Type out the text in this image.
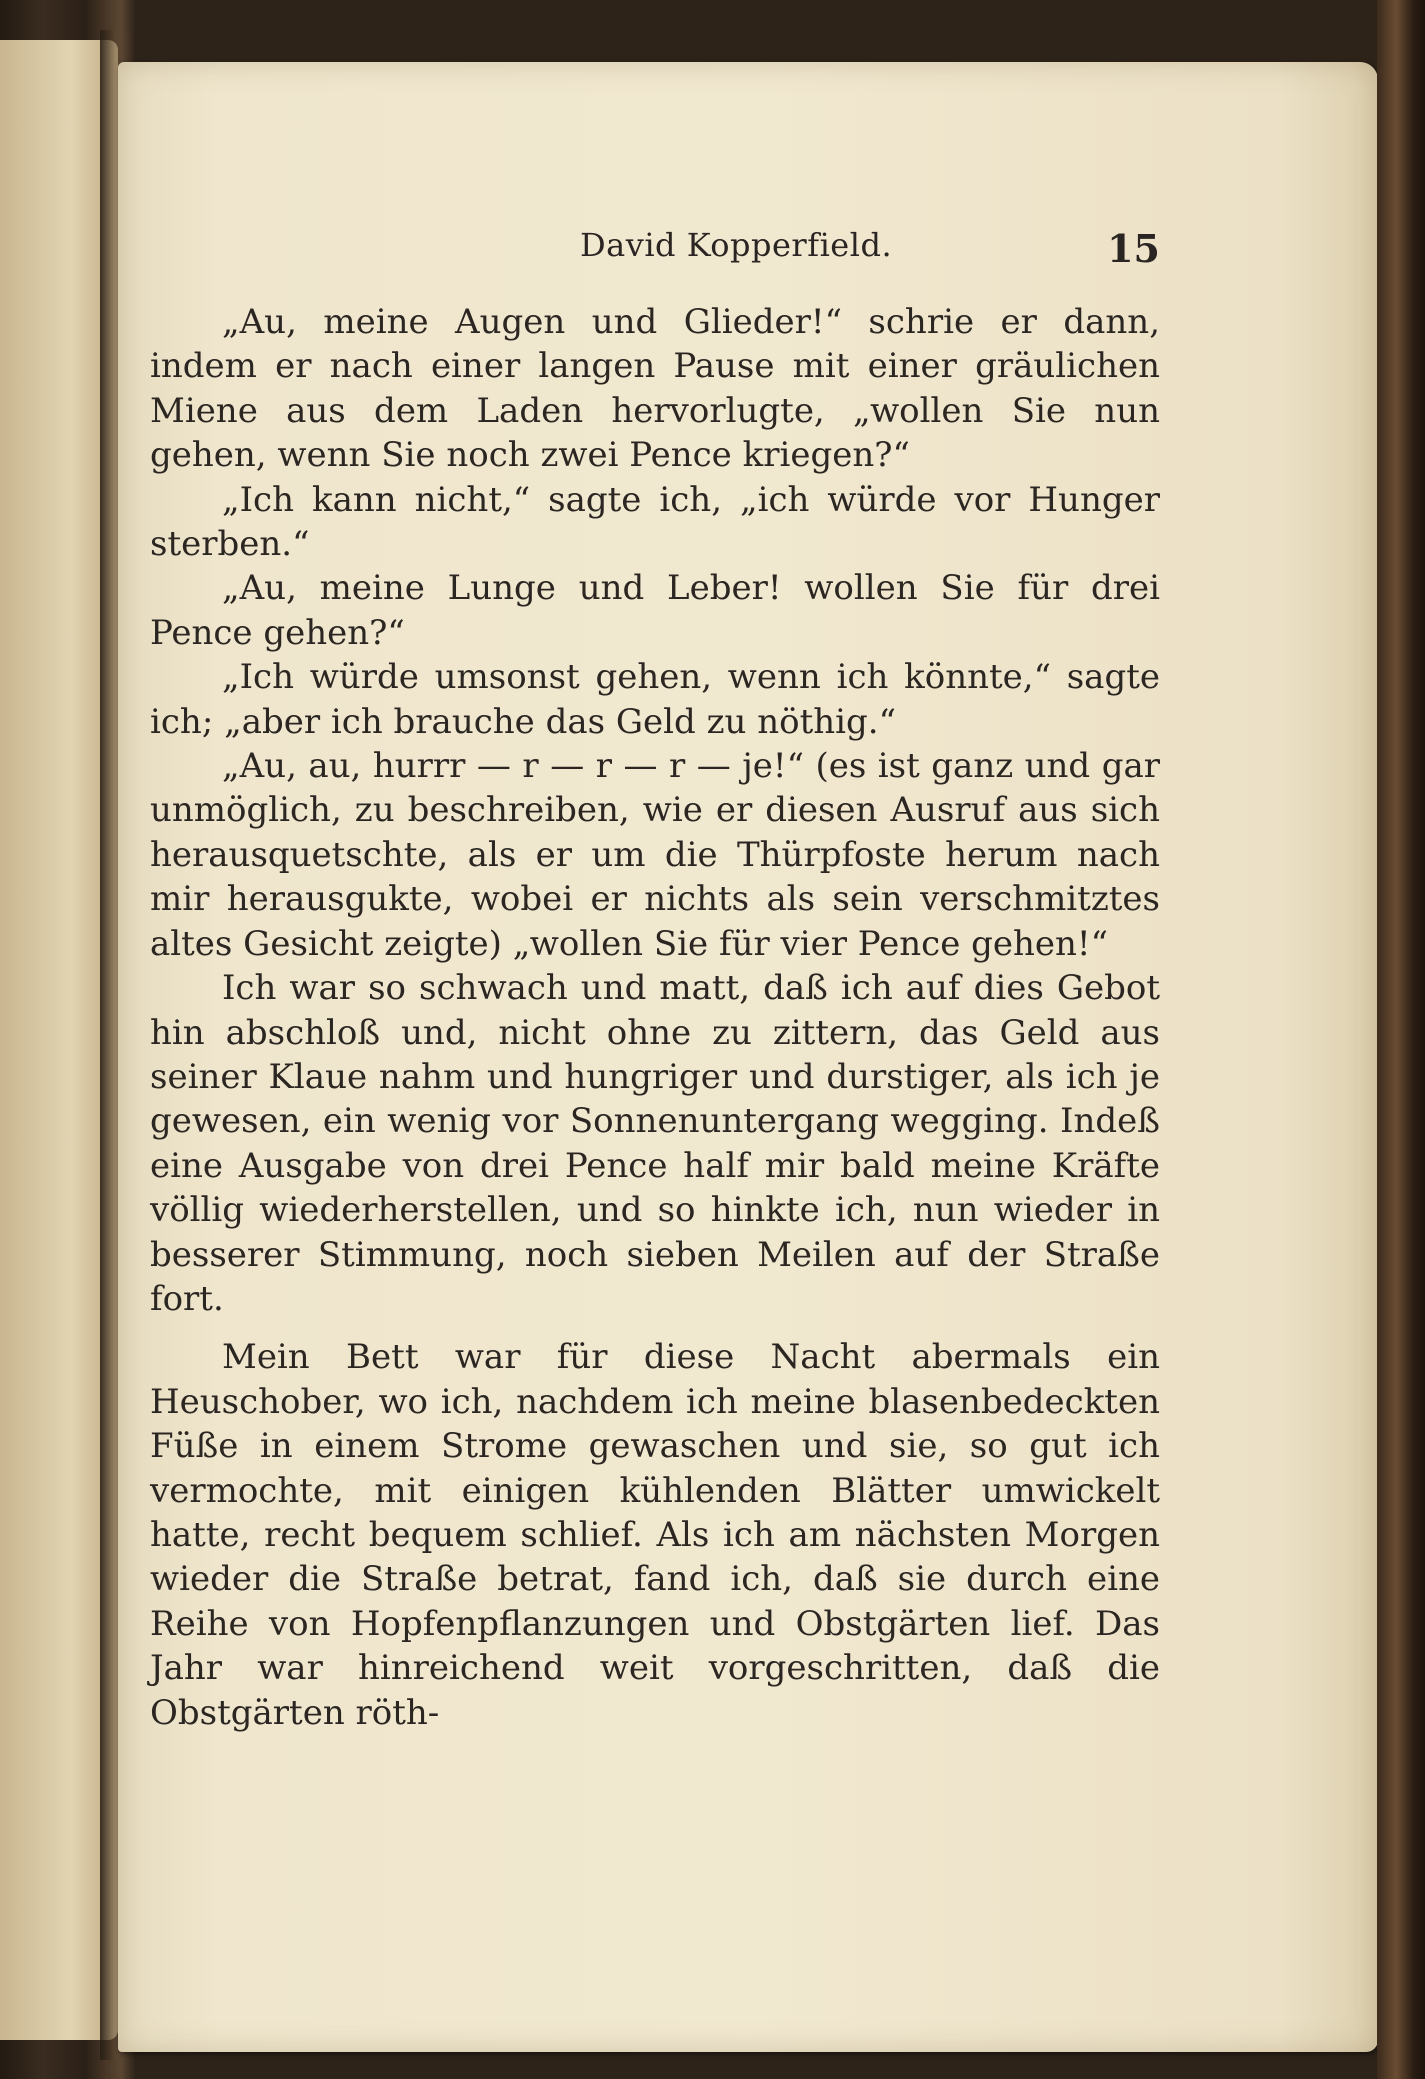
David Kopperfield.	15

„Au, meine Augen und Glieder!“ schrie er dann, indem er nach einer langen Pause mit einer gräulichen Miene aus dem Laden hervorlugte, „wollen Sie nun gehen, wenn Sie noch zwei Pence kriegen?“

„Ich kann nicht,“ sagte ich, „ich würde vor Hunger sterben.“

„Au, meine Lunge und Leber! wollen Sie für drei Pence gehen?“

„Ich würde umsonst gehen, wenn ich könnte,“ sagte ich; „aber ich brauche das Geld zu nöthig.“

„Au, au, hurrr — r — r — r — je!“ (es ist ganz und gar unmöglich, zu beschreiben, wie er diesen Ausruf aus sich herausquetschte, als er um die Thürpfoste herum nach mir herausgukte, wobei er nichts als sein verschmitztes altes Gesicht zeigte) „wollen Sie für vier Pence gehen!“

Ich war so schwach und matt, daß ich auf dies Gebot hin abschloß und, nicht ohne zu zittern, das Geld aus seiner Klaue nahm und hungriger und durstiger, als ich je gewesen, ein wenig vor Sonnenuntergang wegging. Indeß eine Ausgabe von drei Pence half mir bald meine Kräfte völlig wiederherstellen, und so hinkte ich, nun wieder in besserer Stimmung, noch sieben Meilen auf der Straße fort.

Mein Bett war für diese Nacht abermals ein Heuschober, wo ich, nachdem ich meine blasenbedeckten Füße in einem Strome gewaschen und sie, so gut ich vermochte, mit einigen kühlenden Blätter umwickelt hatte, recht bequem schlief. Als ich am nächsten Morgen wieder die Straße betrat, fand ich, daß sie durch eine Reihe von Hopfenpflanzungen und Obstgärten lief. Das Jahr war hinreichend weit vorgeschritten, daß die Obstgärten röth-
